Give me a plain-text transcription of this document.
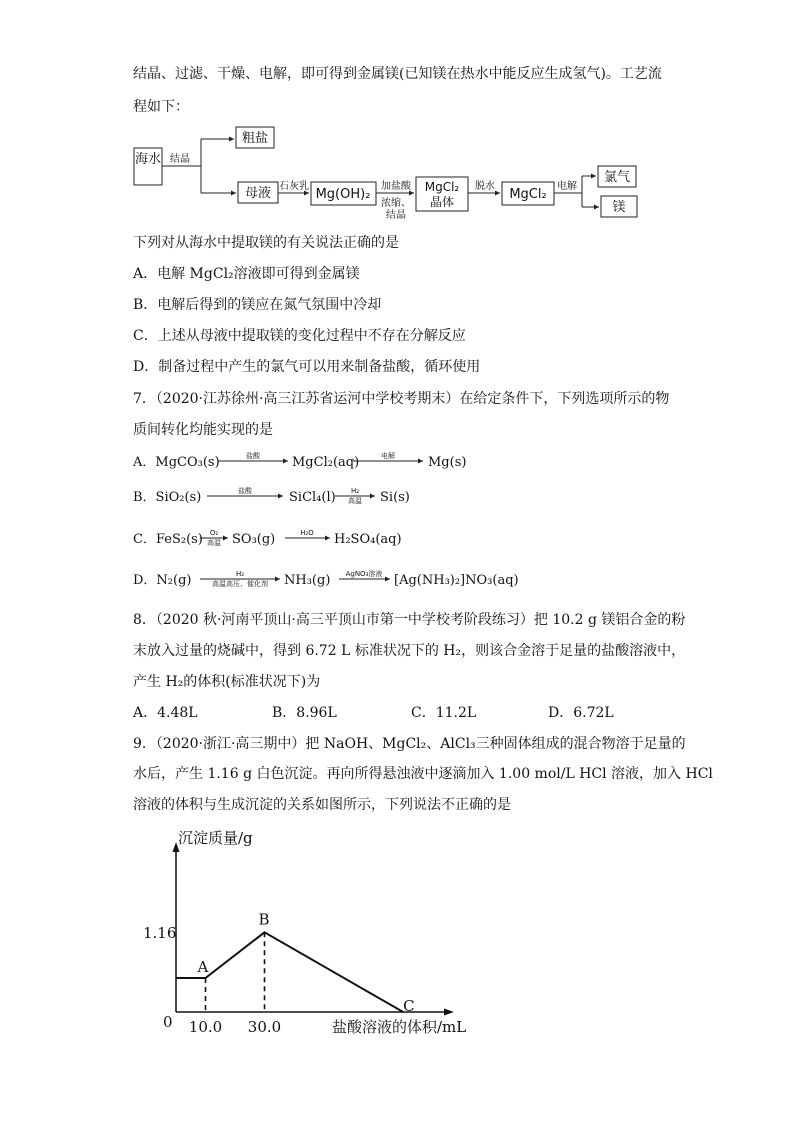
结晶、过滤、干燥、电解，即可得到金属镁(已知镁在热水中能反应生成氢气)。工艺流
程如下：
海水 结晶
粗盐
母液 石灰乳
Mg(OH)₂
加盐酸
浓缩、
结晶
MgCl₂
晶体
脱水
MgCl₂
电解
氯气
镁
下列对从海水中提取镁的有关说法正确的是
A．电解 MgCl₂溶液即可得到金属镁
B．电解后得到的镁应在氮气氛围中冷却
C．上述从母液中提取镁的变化过程中不存在分解反应
D．制备过程中产生的氯气可以用来制备盐酸，循环使用
7．（2020·江苏徐州·高三江苏省运河中学校考期末）在给定条件下，下列选项所示的物
质间转化均能实现的是
A．MgCO₃(s)	MgCl₂(aq)	Mg(s)
B．SiO₂(s)	SiCl₄(l)	Si(s)
C．FeS₂(s) SO₃(g)	H₂SO₄(aq)
D．N₂(g)	NH₃(g)	[Ag(NH₃)₂]NO₃(aq)
盐酸	电解
盐酸	H₂
高温
O₂
高温
H₂O
H₂
高温高压、催化剂
AgNO₃溶液
8．（2020 秋·河南平顶山·高三平顶山市第一中学校考阶段练习）把 10.2 g 镁铝合金的粉
末放入过量的烧碱中，得到 6.72 L 标准状况下的 H₂，则该合金溶于足量的盐酸溶液中，
产生 H₂的体积(标准状况下)为
A．4.48L	B．8.96L	C．11.2L	D．6.72L
9．（2020·浙江·高三期中）把 NaOH、MgCl₂、AlCl₃三种固体组成的混合物溶于足量的
水后，产生 1.16 g 白色沉淀。再向所得悬浊液中逐滴加入 1.00 mol/L HCl 溶液，加入 HCl
溶液的体积与生成沉淀的关系如图所示，下列说法不正确的是
沉淀质量/g
盐酸溶液的体积/mL
0
1.16
10.0 30.0
A
B
C
